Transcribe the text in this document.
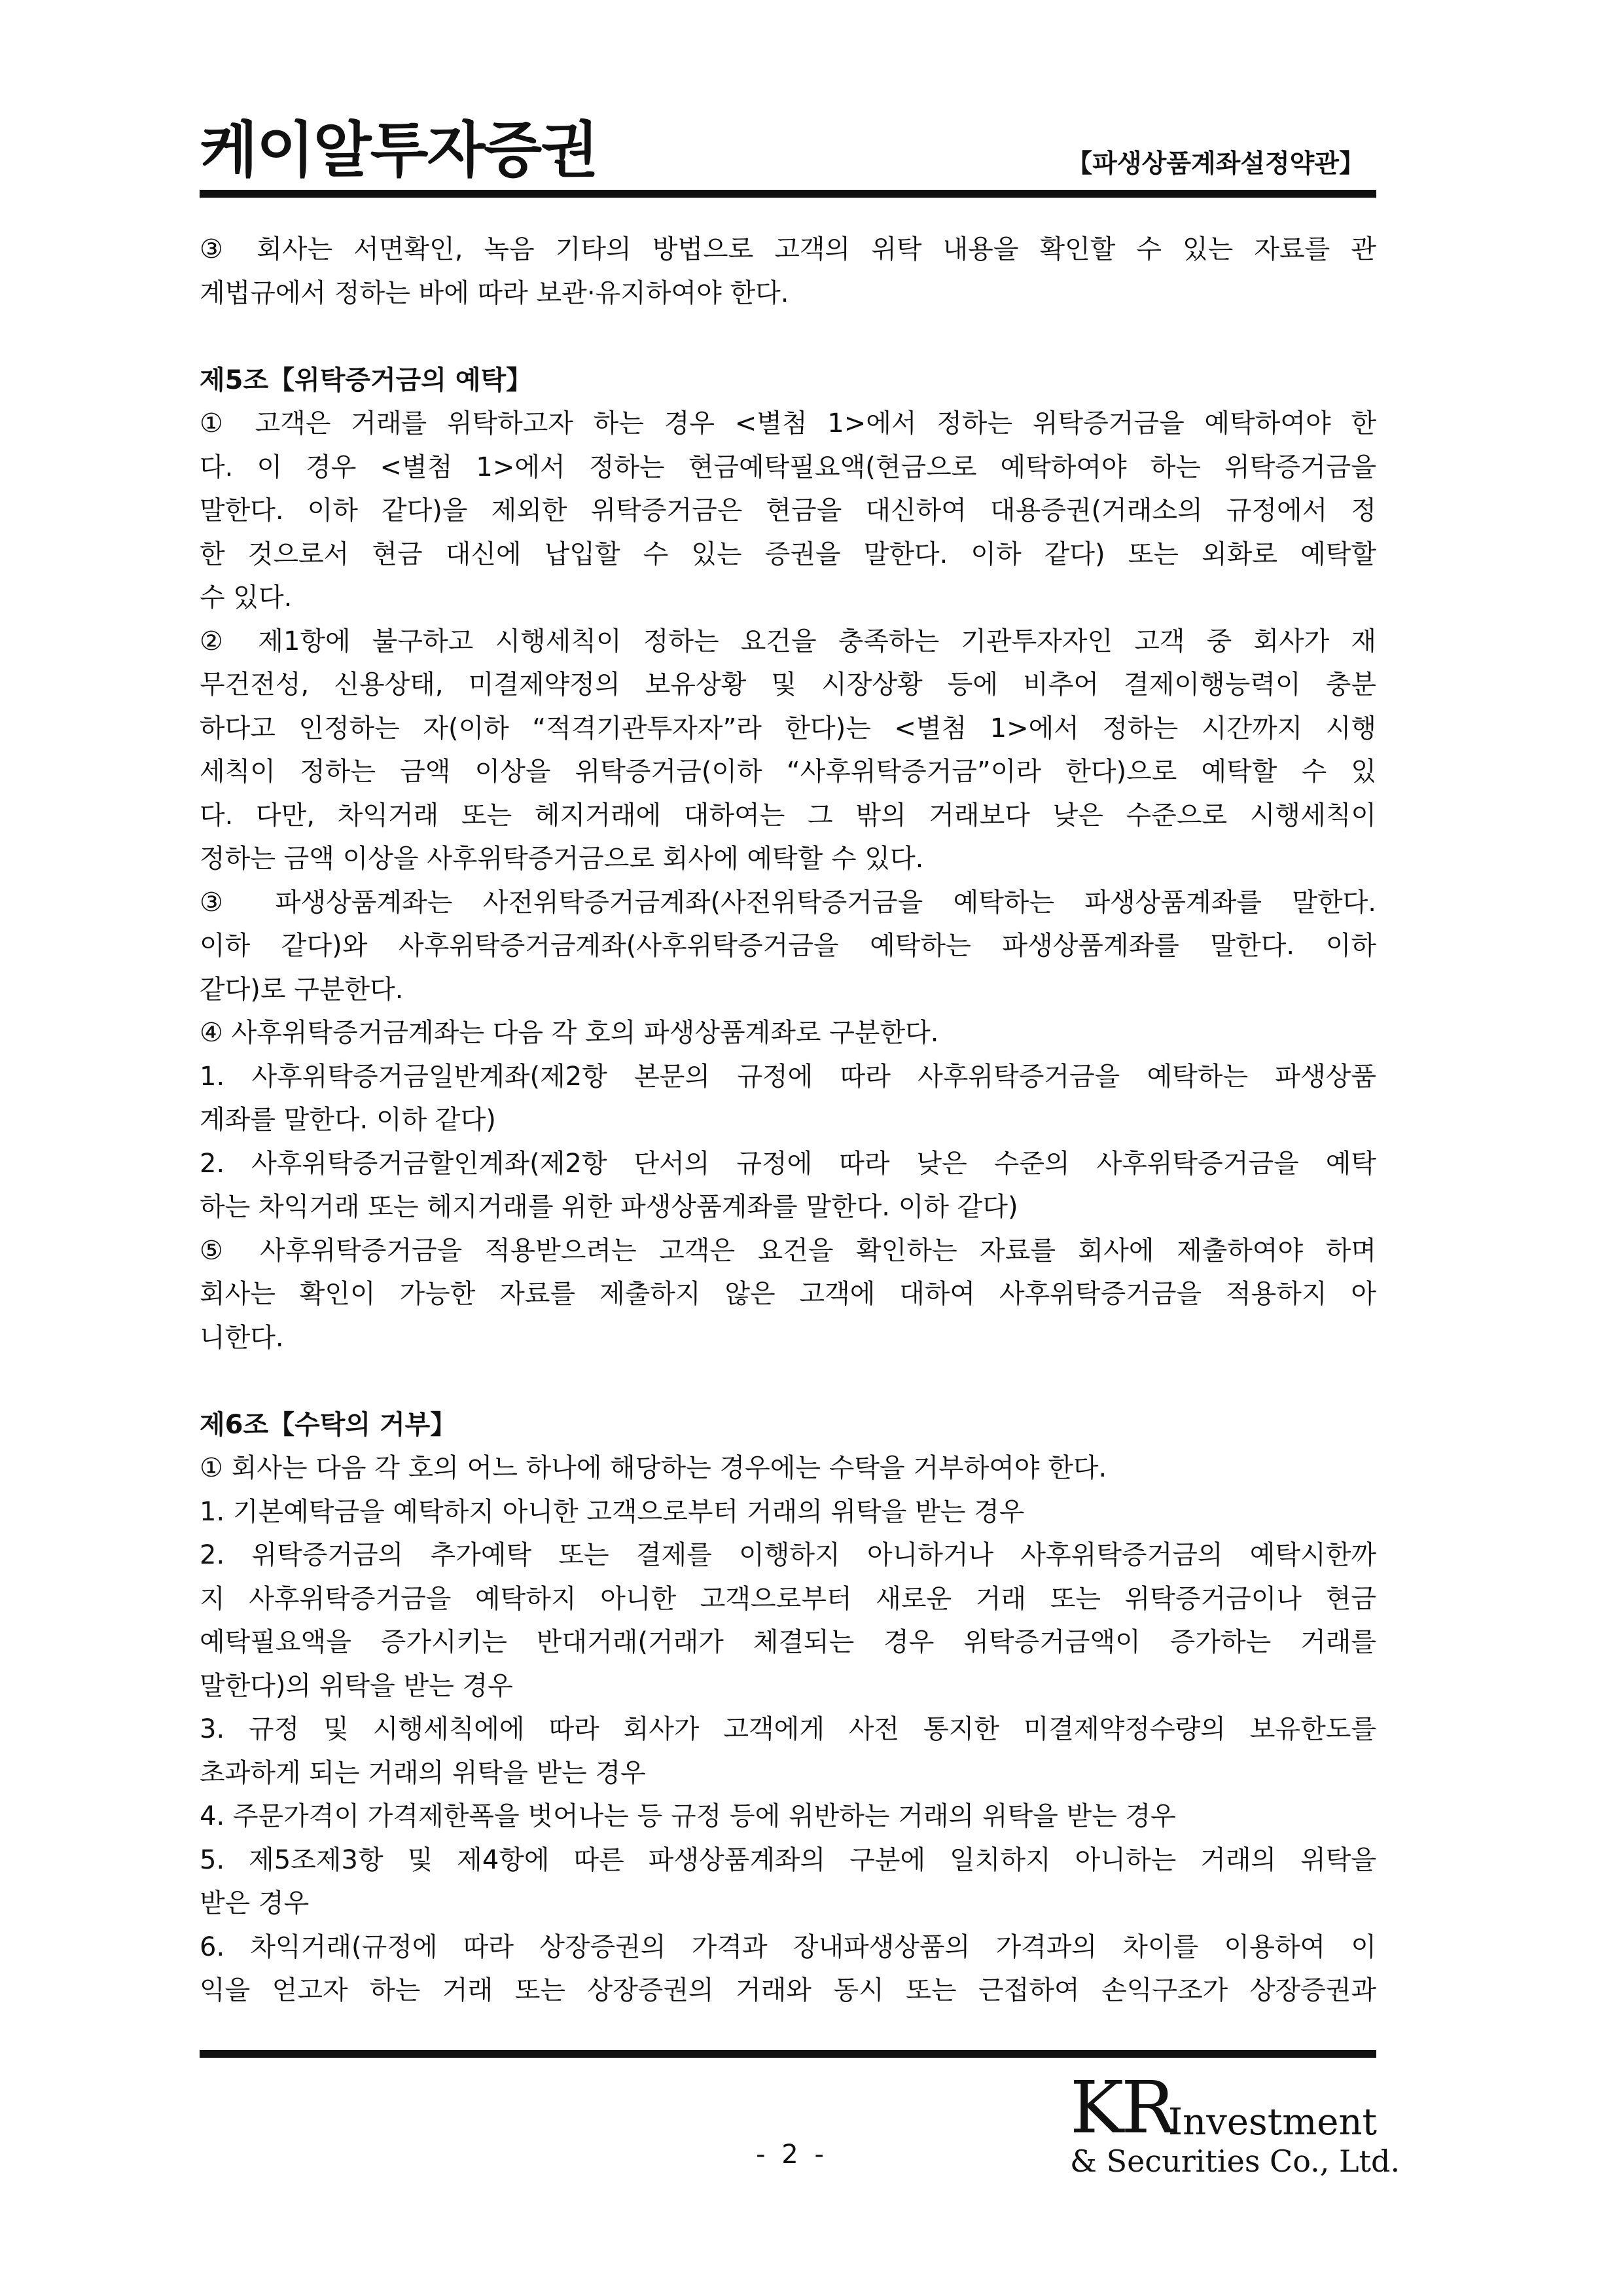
케이알투자증권	【파생상품계좌설정약관】

③ 회사는 서면확인, 녹음 기타의 방법으로 고객의 위탁 내용을 확인할 수 있는 자료를 관

계법규에서 정하는 바에 따라 보관·유지하여야 한다.

제5조【위탁증거금의 예탁】

① 고객은 거래를 위탁하고자 하는 경우 <별첨 1>에서 정하는 위탁증거금을 예탁하여야 한

다. 이 경우 <별첨 1>에서 정하는 현금예탁필요액(현금으로 예탁하여야 하는 위탁증거금을

말한다. 이하 같다)을 제외한 위탁증거금은 현금을 대신하여 대용증권(거래소의 규정에서 정

한 것으로서 현금 대신에 납입할 수 있는 증권을 말한다. 이하 같다) 또는 외화로 예탁할

수 있다.

② 제1항에 불구하고 시행세칙이 정하는 요건을 충족하는 기관투자자인 고객 중 회사가 재

무건전성, 신용상태, 미결제약정의 보유상황 및 시장상황 등에 비추어 결제이행능력이 충분

하다고 인정하는 자(이하 “적격기관투자자”라 한다)는 <별첨 1>에서 정하는 시간까지 시행

세칙이 정하는 금액 이상을 위탁증거금(이하 “사후위탁증거금”이라 한다)으로 예탁할 수 있

다. 다만, 차익거래 또는 헤지거래에 대하여는 그 밖의 거래보다 낮은 수준으로 시행세칙이

정하는 금액 이상을 사후위탁증거금으로 회사에 예탁할 수 있다.

③ 파생상품계좌는 사전위탁증거금계좌(사전위탁증거금을 예탁하는 파생상품계좌를 말한다.

이하 같다)와 사후위탁증거금계좌(사후위탁증거금을 예탁하는 파생상품계좌를 말한다. 이하

같다)로 구분한다.

④ 사후위탁증거금계좌는 다음 각 호의 파생상품계좌로 구분한다.

1. 사후위탁증거금일반계좌(제2항 본문의 규정에 따라 사후위탁증거금을 예탁하는 파생상품

계좌를 말한다. 이하 같다)

2. 사후위탁증거금할인계좌(제2항 단서의 규정에 따라 낮은 수준의 사후위탁증거금을 예탁

하는 차익거래 또는 헤지거래를 위한 파생상품계좌를 말한다. 이하 같다)

⑤ 사후위탁증거금을 적용받으려는 고객은 요건을 확인하는 자료를 회사에 제출하여야 하며

회사는 확인이 가능한 자료를 제출하지 않은 고객에 대하여 사후위탁증거금을 적용하지 아

니한다.

제6조【수탁의 거부】

① 회사는 다음 각 호의 어느 하나에 해당하는 경우에는 수탁을 거부하여야 한다.

1. 기본예탁금을 예탁하지 아니한 고객으로부터 거래의 위탁을 받는 경우

2. 위탁증거금의 추가예탁 또는 결제를 이행하지 아니하거나 사후위탁증거금의 예탁시한까

지 사후위탁증거금을 예탁하지 아니한 고객으로부터 새로운 거래 또는 위탁증거금이나 현금

예탁필요액을 증가시키는 반대거래(거래가 체결되는 경우 위탁증거금액이 증가하는 거래를

말한다)의 위탁을 받는 경우

3. 규정 및 시행세칙에에 따라 회사가 고객에게 사전 통지한 미결제약정수량의 보유한도를

초과하게 되는 거래의 위탁을 받는 경우

4. 주문가격이 가격제한폭을 벗어나는 등 규정 등에 위반하는 거래의 위탁을 받는 경우

5. 제5조제3항 및 제4항에 따른 파생상품계좌의 구분에 일치하지 아니하는 거래의 위탁을

받은 경우

6. 차익거래(규정에 따라 상장증권의 가격과 장내파생상품의 가격과의 차이를 이용하여 이

익을 얻고자 하는 거래 또는 상장증권의 거래와 동시 또는 근접하여 손익구조가 상장증권과

- 2 -
KR
Investment
& Securities Co., Ltd.
